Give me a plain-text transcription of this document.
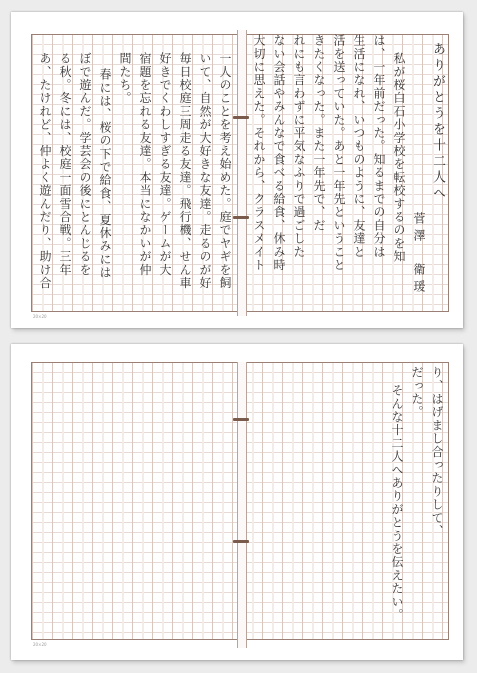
ありがとうを十二人へ
菅澤　衛瑗
私が桜白石小学校を転校するのを知
は、一年前だった。知るまでの自分は
生活になれ、いつものように、友達と
活を送っていた。あと一年先ということ
きたくなった。また一年先で、だ
れにも言わずに平気なふりで過ごした
ない会話やみんなで食べる給食、休み時
大切に思えた。それから、クラスメイト
一人のことを考え始めた。庭でヤギを飼
いて、自然が大好きな友達。走るのが好
毎日校庭三周走る友達。飛行機、せん車
好きでくわしすぎる友達。ゲームが大
宿題を忘れる友達。本当になかいが仲
間たち。
春には、桜の下で給食、夏休みには
ぼで遊んだ。学芸会の後にとんじるを
る秋。冬には、校庭一面雪合戦。三年
あ、たけれど、仲よく遊んだり、助け合
20×20
り、はげまし合ったりして、
だった。
そんな十二人へありがとうを伝えたい。
20×20
